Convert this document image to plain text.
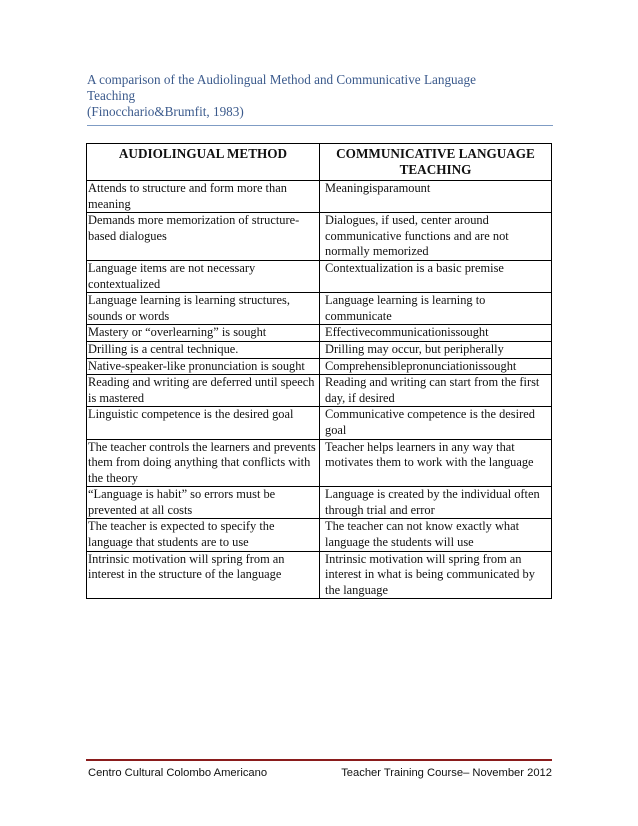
A comparison of the Audiolingual Method and Communicative Language
Teaching
(Finocchario&Brumfit, 1983)
AUDIOLINGUAL METHOD	COMMUNICATIVE LANGUAGE TEACHING
Attends to structure and form more than meaning	Meaningisparamount
Demands more memorization of structure-based dialogues	Dialogues, if used, center around communicative functions and are not normally memorized
Language items are not necessary contextualized	Contextualization is a basic premise
Language learning is learning structures, sounds or words	Language learning is learning to communicate
Mastery or “overlearning” is sought	Effectivecommunicationissought
Drilling is a central technique.	Drilling may occur, but peripherally
Native-speaker-like pronunciation is sought	Comprehensiblepronunciationissought
Reading and writing are deferred until speech is mastered	Reading and writing can start from the first day, if desired
Linguistic competence is the desired goal	Communicative competence is the desired goal
The teacher controls the learners and prevents them from doing anything that conflicts with the theory	Teacher helps learners in any way that motivates them to work with the language
“Language is habit” so errors must be prevented at all costs	Language is created by the individual often through trial and error
The teacher is expected to specify the language that students are to use	The teacher can not know exactly what language the students will use
Intrinsic motivation will spring from an interest in the structure of the language	Intrinsic motivation will spring from an interest in what is being communicated by the language
Centro Cultural Colombo Americano	Teacher Training Course– November 2012
